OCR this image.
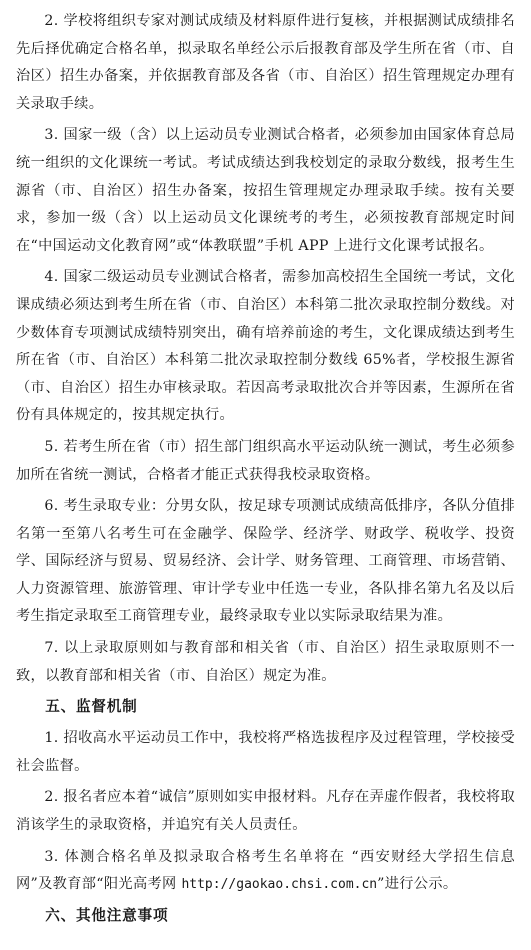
2. 学校将组织专家对测试成绩及材料原件进行复核，并根据测试成绩排名先后择优确定合格名单，拟录取名单经公示后报教育部及学生所在省（市、自治区）招生办备案，并依据教育部及各省（市、自治区）招生管理规定办理有关录取手续。

3. 国家一级（含）以上运动员专业测试合格者，必须参加由国家体育总局统一组织的文化课统一考试。考试成绩达到我校划定的录取分数线，报考生生源省（市、自治区）招生办备案，按招生管理规定办理录取手续。按有关要求，参加一级（含）以上运动员文化课统考的考生，必须按教育部规定时间在“中国运动文化教育网”或“体教联盟”手机 APP 上进行文化课考试报名。

4. 国家二级运动员专业测试合格者，需参加高校招生全国统一考试，文化课成绩必须达到考生所在省（市、自治区）本科第二批次录取控制分数线。对少数体育专项测试成绩特别突出，确有培养前途的考生，文化课成绩达到考生所在省（市、自治区）本科第二批次录取控制分数线 65%者，学校报生源省（市、自治区）招生办审核录取。若因高考录取批次合并等因素，生源所在省份有具体规定的，按其规定执行。

5. 若考生所在省（市）招生部门组织高水平运动队统一测试，考生必须参加所在省统一测试，合格者才能正式获得我校录取资格。

6. 考生录取专业：分男女队，按足球专项测试成绩高低排序，各队分值排名第一至第八名考生可在金融学、保险学、经济学、财政学、税收学、投资学、国际经济与贸易、贸易经济、会计学、财务管理、工商管理、市场营销、人力资源管理、旅游管理、审计学专业中任选一专业，各队排名第九名及以后考生指定录取至工商管理专业，最终录取专业以实际录取结果为准。

7. 以上录取原则如与教育部和相关省（市、自治区）招生录取原则不一致，以教育部和相关省（市、自治区）规定为准。

五、监督机制

1. 招收高水平运动员工作中，我校将严格选拔程序及过程管理，学校接受社会监督。

2. 报名者应本着“诚信”原则如实申报材料。凡存在弄虚作假者，我校将取消该学生的录取资格，并追究有关人员责任。

3. 体测合格名单及拟录取合格考生名单将在 “西安财经大学招生信息网”及教育部“阳光高考网 http://gaokao.chsi.com.cn”进行公示。

六、其他注意事项
